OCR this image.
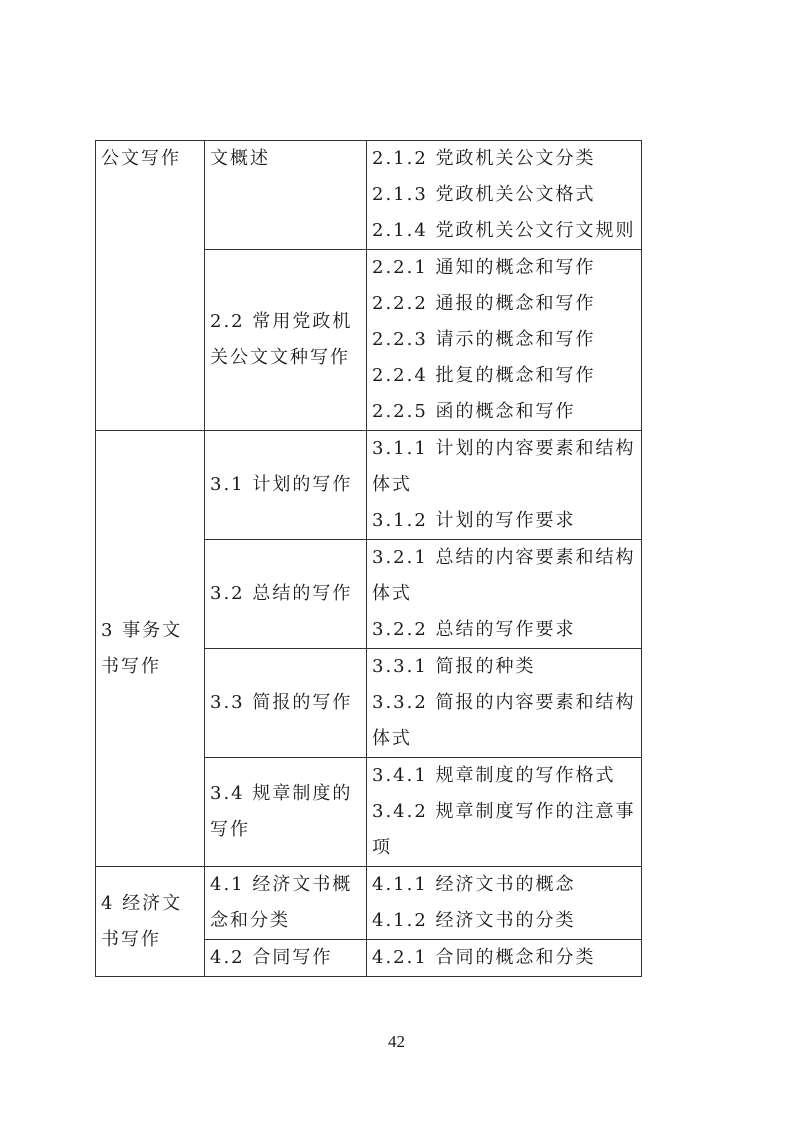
公文写作	文概述	2.1.2 党政机关公文分类
2.1.3 党政机关公文格式
2.1.4 党政机关公文行文规则

	2.2 常用党政机关公文文种写作	2.2.1 通知的概念和写作
2.2.2 通报的概念和写作
2.2.3 请示的概念和写作
2.2.4 批复的概念和写作
2.2.5 函的概念和写作

3 事务文书写作	3.1 计划的写作	3.1.1 计划的内容要素和结构体式
3.1.2 计划的写作要求

	3.2 总结的写作	3.2.1 总结的内容要素和结构体式
3.2.2 总结的写作要求

	3.3 简报的写作	3.3.1 简报的种类
3.3.2 简报的内容要素和结构体式

	3.4 规章制度的写作	3.4.1 规章制度的写作格式
3.4.2 规章制度写作的注意事项

4 经济文书写作	4.1 经济文书概念和分类	4.1.1 经济文书的概念
4.1.2 经济文书的分类

	4.2 合同写作	4.2.1 合同的概念和分类
42
